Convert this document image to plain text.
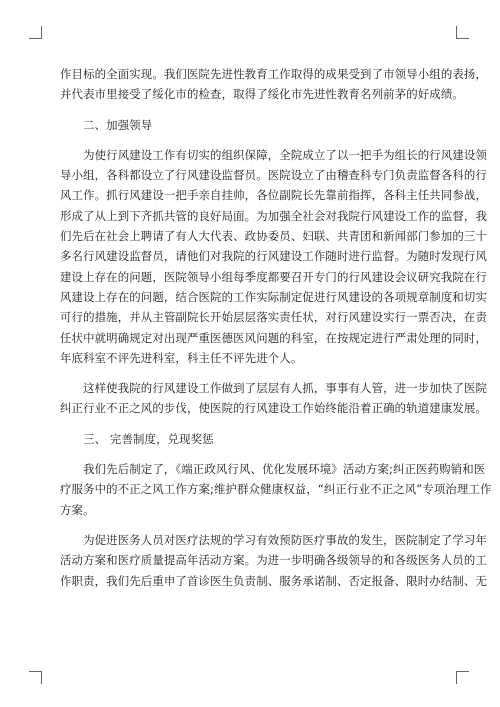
作目标的全面实现。我们医院先进性教育工作取得的成果受到了市领导小组的表扬，
并代表市里接受了绥化市的检查，取得了绥化市先进性教育名列前茅的好成绩。
　　二、加强领导
　　为使行风建设工作有切实的组织保障，全院成立了以一把手为组长的行风建设领
导小组，各科都设立了行风建设监督员。医院设立了由稽查科专门负责监督各科的行
风工作。抓行风建设一把手亲自挂帅，各位副院长先靠前指挥，各科主任共同参战，
形成了从上到下齐抓共管的良好局面。为加强全社会对我院行风建设工作的监督，我
们先后在社会上聘请了有人大代表、政协委员、妇联、共青团和新闻部门参加的三十
多名行风建设监督员，请他们对我院的行风建设工作随时进行监督。为随时发现行风
建设上存在的问题，医院领导小组每季度都要召开专门的行风建设会议研究我院在行
风建设上存在的问题，结合医院的工作实际制定促进行风建设的各项规章制度和切实
可行的措施，并从主管副院长开始层层落实责任状，对行风建设实行一票否决，在责
任状中就明确规定对出现严重医德医风问题的科室，在按规定进行严肃处理的同时，
年底科室不评先进科室，科主任不评先进个人。
　　这样使我院的行风建设工作做到了层层有人抓，事事有人管，进一步加快了医院
纠正行业不正之风的步伐，使医院的行风建设工作始终能沿着正确的轨道建康发展。
　　三、 完善制度，兑现奖惩
　　我们先后制定了，《端正政风行风、优化发展环境》活动方案;纠正医药购销和医
疗服务中的不正之风工作方案;维护群众健康权益，“纠正行业不正之风”专项治理工作
方案。
　　为促进医务人员对医疗法规的学习有效预防医疗事故的发生，医院制定了学习年
活动方案和医疗质量提高年活动方案。为进一步明确各级领导的和各级医务人员的工
作职责，我们先后重申了首诊医生负责制、服务承诺制、否定报备、限时办结制、无
